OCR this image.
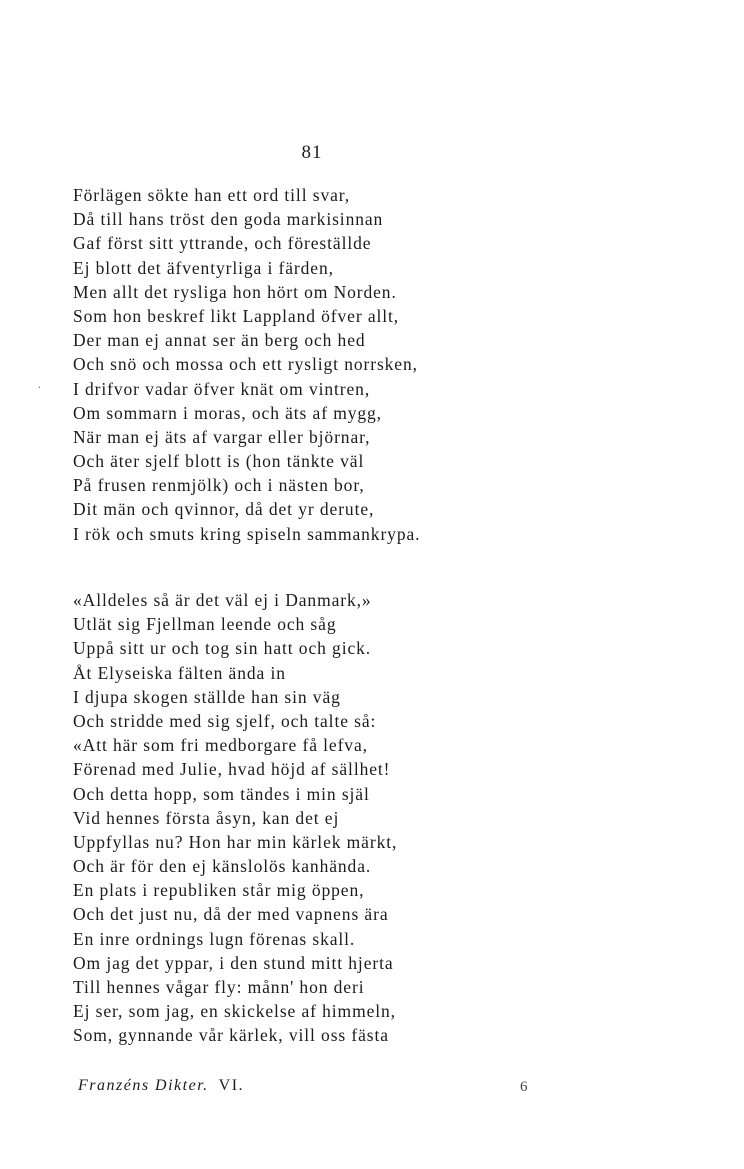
81
.
Förlägen sökte han ett ord till svar,
Då till hans tröst den goda markisinnan
Gaf först sitt yttrande, och föreställde
Ej blott det äfventyrliga i färden,
Men allt det rysliga hon hört om Norden.
Som hon beskref likt Lappland öfver allt,
Der man ej annat ser än berg och hed
Och snö och mossa och ett rysligt norrsken,
I drifvor vadar öfver knät om vintren,
Om sommarn i moras, och äts af mygg,
När man ej äts af vargar eller björnar,
Och äter sjelf blott is (hon tänkte väl
På frusen renmjölk) och i nästen bor,
Dit män och qvinnor, då det yr derute,
I rök och smuts kring spiseln sammankrypa.
«Alldeles så är det väl ej i Danmark,»
Utlät sig Fjellman leende och såg
Uppå sitt ur och tog sin hatt och gick.
Åt Elyseiska fälten ända in
I djupa skogen ställde han sin väg
Och stridde med sig sjelf, och talte så:
«Att här som fri medborgare få lefva,
Förenad med Julie, hvad höjd af sällhet!
Och detta hopp, som tändes i min själ
Vid hennes första åsyn, kan det ej
Uppfyllas nu? Hon har min kärlek märkt,
Och är för den ej känslolös kanhända.
En plats i republiken står mig öppen,
Och det just nu, då der med vapnens ära
En inre ordnings lugn förenas skall.
Om jag det yppar, i den stund mitt hjerta
Till hennes vågar fly: månn' hon deri
Ej ser, som jag, en skickelse af himmeln,
Som, gynnande vår kärlek, vill oss fästa
Franzéns Dikter. VI.	6
